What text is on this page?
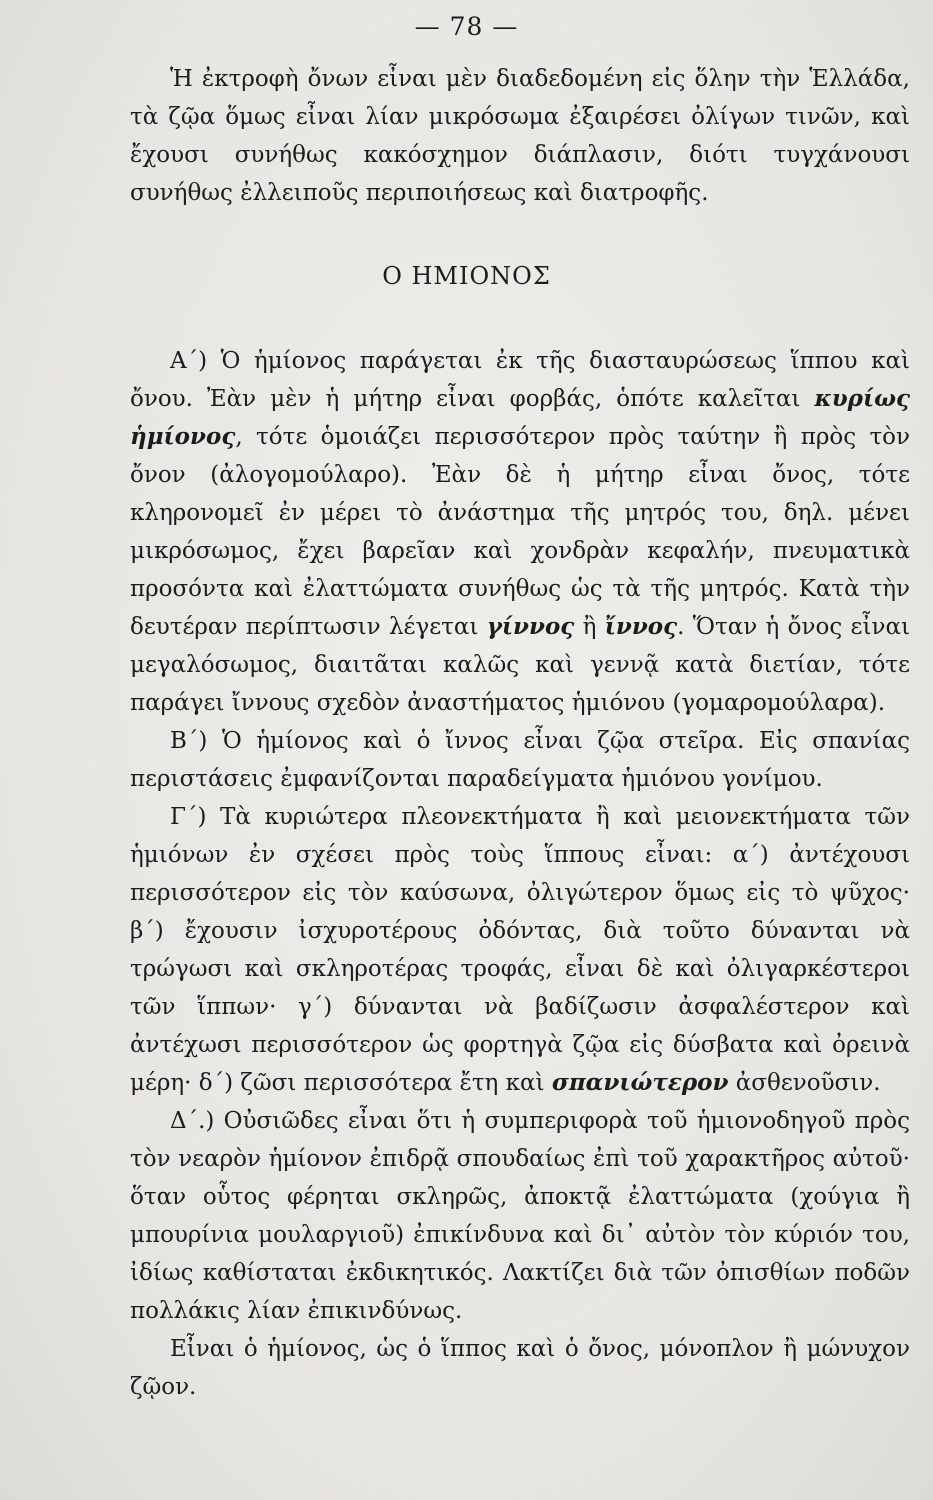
— 78 —

Ἡ ἐκτροφὴ ὄνων εἶναι μὲν διαδεδομένη εἰς ὅλην τὴν Ἑλλάδα, τὰ ζῷα ὅμως εἶναι λίαν μικρόσωμα ἐξαιρέσει ὀλίγων τινῶν, καὶ ἔχουσι συνήθως κακόσχημον διάπλασιν, διότι τυγχάνουσι συνήθως ἐλλειποῦς περιποιήσεως καὶ διατροφῆς.

Ο ΗΜΙΟΝΟΣ

Α΄) Ὁ ἡμίονος παράγεται ἐκ τῆς διασταυρώσεως ἵππου καὶ ὄνου. Ἐὰν μὲν ἡ μήτηρ εἶναι φορβάς, ὁπότε καλεῖται κυρίως ἡμίονος, τότε ὁμοιάζει περισσότερον πρὸς ταύτην ἢ πρὸς τὸν ὄνον (ἀλογομούλαρο). Ἐὰν δὲ ἡ μήτηρ εἶναι ὄνος, τότε κληρονομεῖ ἐν μέρει τὸ ἀνάστημα τῆς μητρός του, δηλ. μένει μικρόσωμος, ἔχει βαρεῖαν καὶ χονδρὰν κεφαλήν, πνευματικὰ προσόντα καὶ ἐλαττώματα συνήθως ὡς τὰ τῆς μητρός. Κατὰ τὴν δευτέραν περίπτωσιν λέγεται γίννος ἢ ἴννος. Ὅταν ἡ ὄνος εἶναι μεγαλόσωμος, διαιτᾶται καλῶς καὶ γεννᾷ κατὰ διετίαν, τότε παράγει ἴννους σχεδὸν ἀναστήματος ἡμιόνου (γομαρομούλαρα).

Β΄) Ὁ ἡμίονος καὶ ὁ ἴννος εἶναι ζῷα στεῖρα. Εἰς σπανίας περιστάσεις ἐμφανίζονται παραδείγματα ἡμιόνου γονίμου.

Γ΄) Τὰ κυριώτερα πλεονεκτήματα ἢ καὶ μειονεκτήματα τῶν ἡμιόνων ἐν σχέσει πρὸς τοὺς ἵππους εἶναι: α΄) ἀντέχουσι περισσότερον εἰς τὸν καύσωνα, ὀλιγώτερον ὅμως εἰς τὸ ψῦχος· β΄) ἔχουσιν ἰσχυροτέρους ὀδόντας, διὰ τοῦτο δύνανται νὰ τρώγωσι καὶ σκληροτέρας τροφάς, εἶναι δὲ καὶ ὀλιγαρκέστεροι τῶν ἵππων· γ΄) δύνανται νὰ βαδίζωσιν ἀσφαλέστερον καὶ ἀντέχωσι περισσότερον ὡς φορτηγὰ ζῷα εἰς δύσβατα καὶ ὀρεινὰ μέρη· δ΄) ζῶσι περισσότερα ἔτη καὶ σπανιώτερον ἀσθενοῦσιν.

Δ΄.) Οὐσιῶδες εἶναι ὅτι ἡ συμπεριφορὰ τοῦ ἡμιονοδηγοῦ πρὸς τὸν νεαρὸν ἡμίονον ἐπιδρᾷ σπουδαίως ἐπὶ τοῦ χαρακτῆρος αὐτοῦ· ὅταν οὗτος φέρηται σκληρῶς, ἀποκτᾷ ἐλαττώματα (χούγια ἢ μπουρίνια μουλαργιοῦ) ἐπικίνδυνα καὶ δι᾿ αὐτὸν τὸν κύριόν του, ἰδίως καθίσταται ἐκδικητικός. Λακτίζει διὰ τῶν ὀπισθίων ποδῶν πολλάκις λίαν ἐπικινδύνως.

Εἶναι ὁ ἡμίονος, ὡς ὁ ἵππος καὶ ὁ ὄνος, μόνοπλον ἢ μώνυχον ζῷον.
